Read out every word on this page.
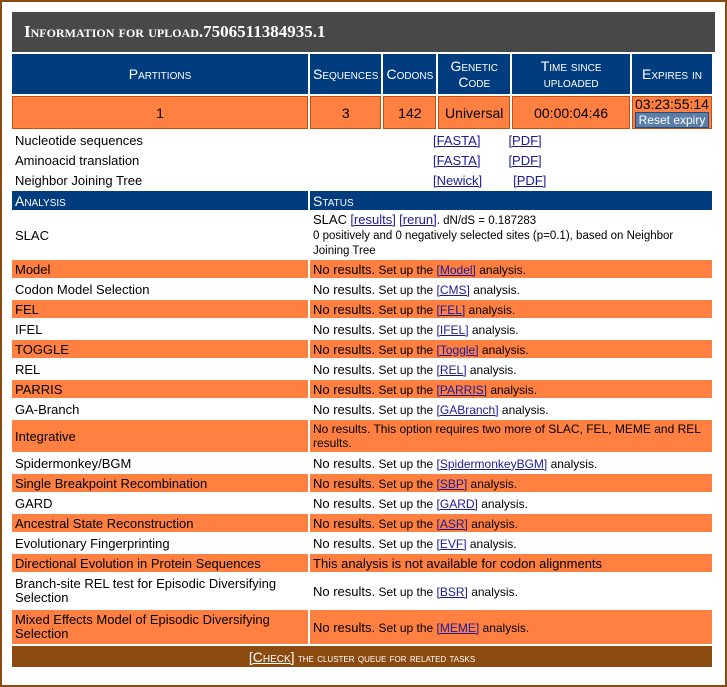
Information for upload.7506511384935.1
Partitions	Sequences	Codons	Genetic Code	Time since uploaded	Expires in
1	3	142	Universal	00:00:04:46	03:23:55:14
Reset expiry
Nucleotide sequences	[FASTA] [PDF]				
Aminoacid translation	[FASTA] [PDF]				
Neighbor Joining Tree	[Newick] [PDF]				
Analysis	Status				
SLAC	SLAC [results] [rerun]. dN/dS = 0.187283
0 positively and 0 negatively selected sites (p=0.1), based on Neighbor Joining Tree				
Model	No results. Set up the [Model] analysis.				
Codon Model Selection	No results. Set up the [CMS] analysis.				
FEL	No results. Set up the [FEL] analysis.				
IFEL	No results. Set up the [IFEL] analysis.				
TOGGLE	No results. Set up the [Toggle] analysis.				
REL	No results. Set up the [REL] analysis.				
PARRIS	No results. Set up the [PARRIS] analysis.				
GA-Branch	No results. Set up the [GABranch] analysis.				
Integrative	No results. This option requires two more of SLAC, FEL, MEME and REL results.				
Spidermonkey/BGM	No results. Set up the [SpidermonkeyBGM] analysis.				
Single Breakpoint Recombination	No results. Set up the [SBP] analysis.				
GARD	No results. Set up the [GARD] analysis.				
Ancestral State Reconstruction	No results. Set up the [ASR] analysis.				
Evolutionary Fingerprinting	No results. Set up the [EVF] analysis.				
Directional Evolution in Protein Sequences	This analysis is not available for codon alignments				
Branch-site REL test for Episodic Diversifying Selection	No results. Set up the [BSR] analysis.				
Mixed Effects Model of Episodic Diversifying Selection	No results. Set up the [MEME] analysis.				
[Check] the cluster queue for related tasks					
